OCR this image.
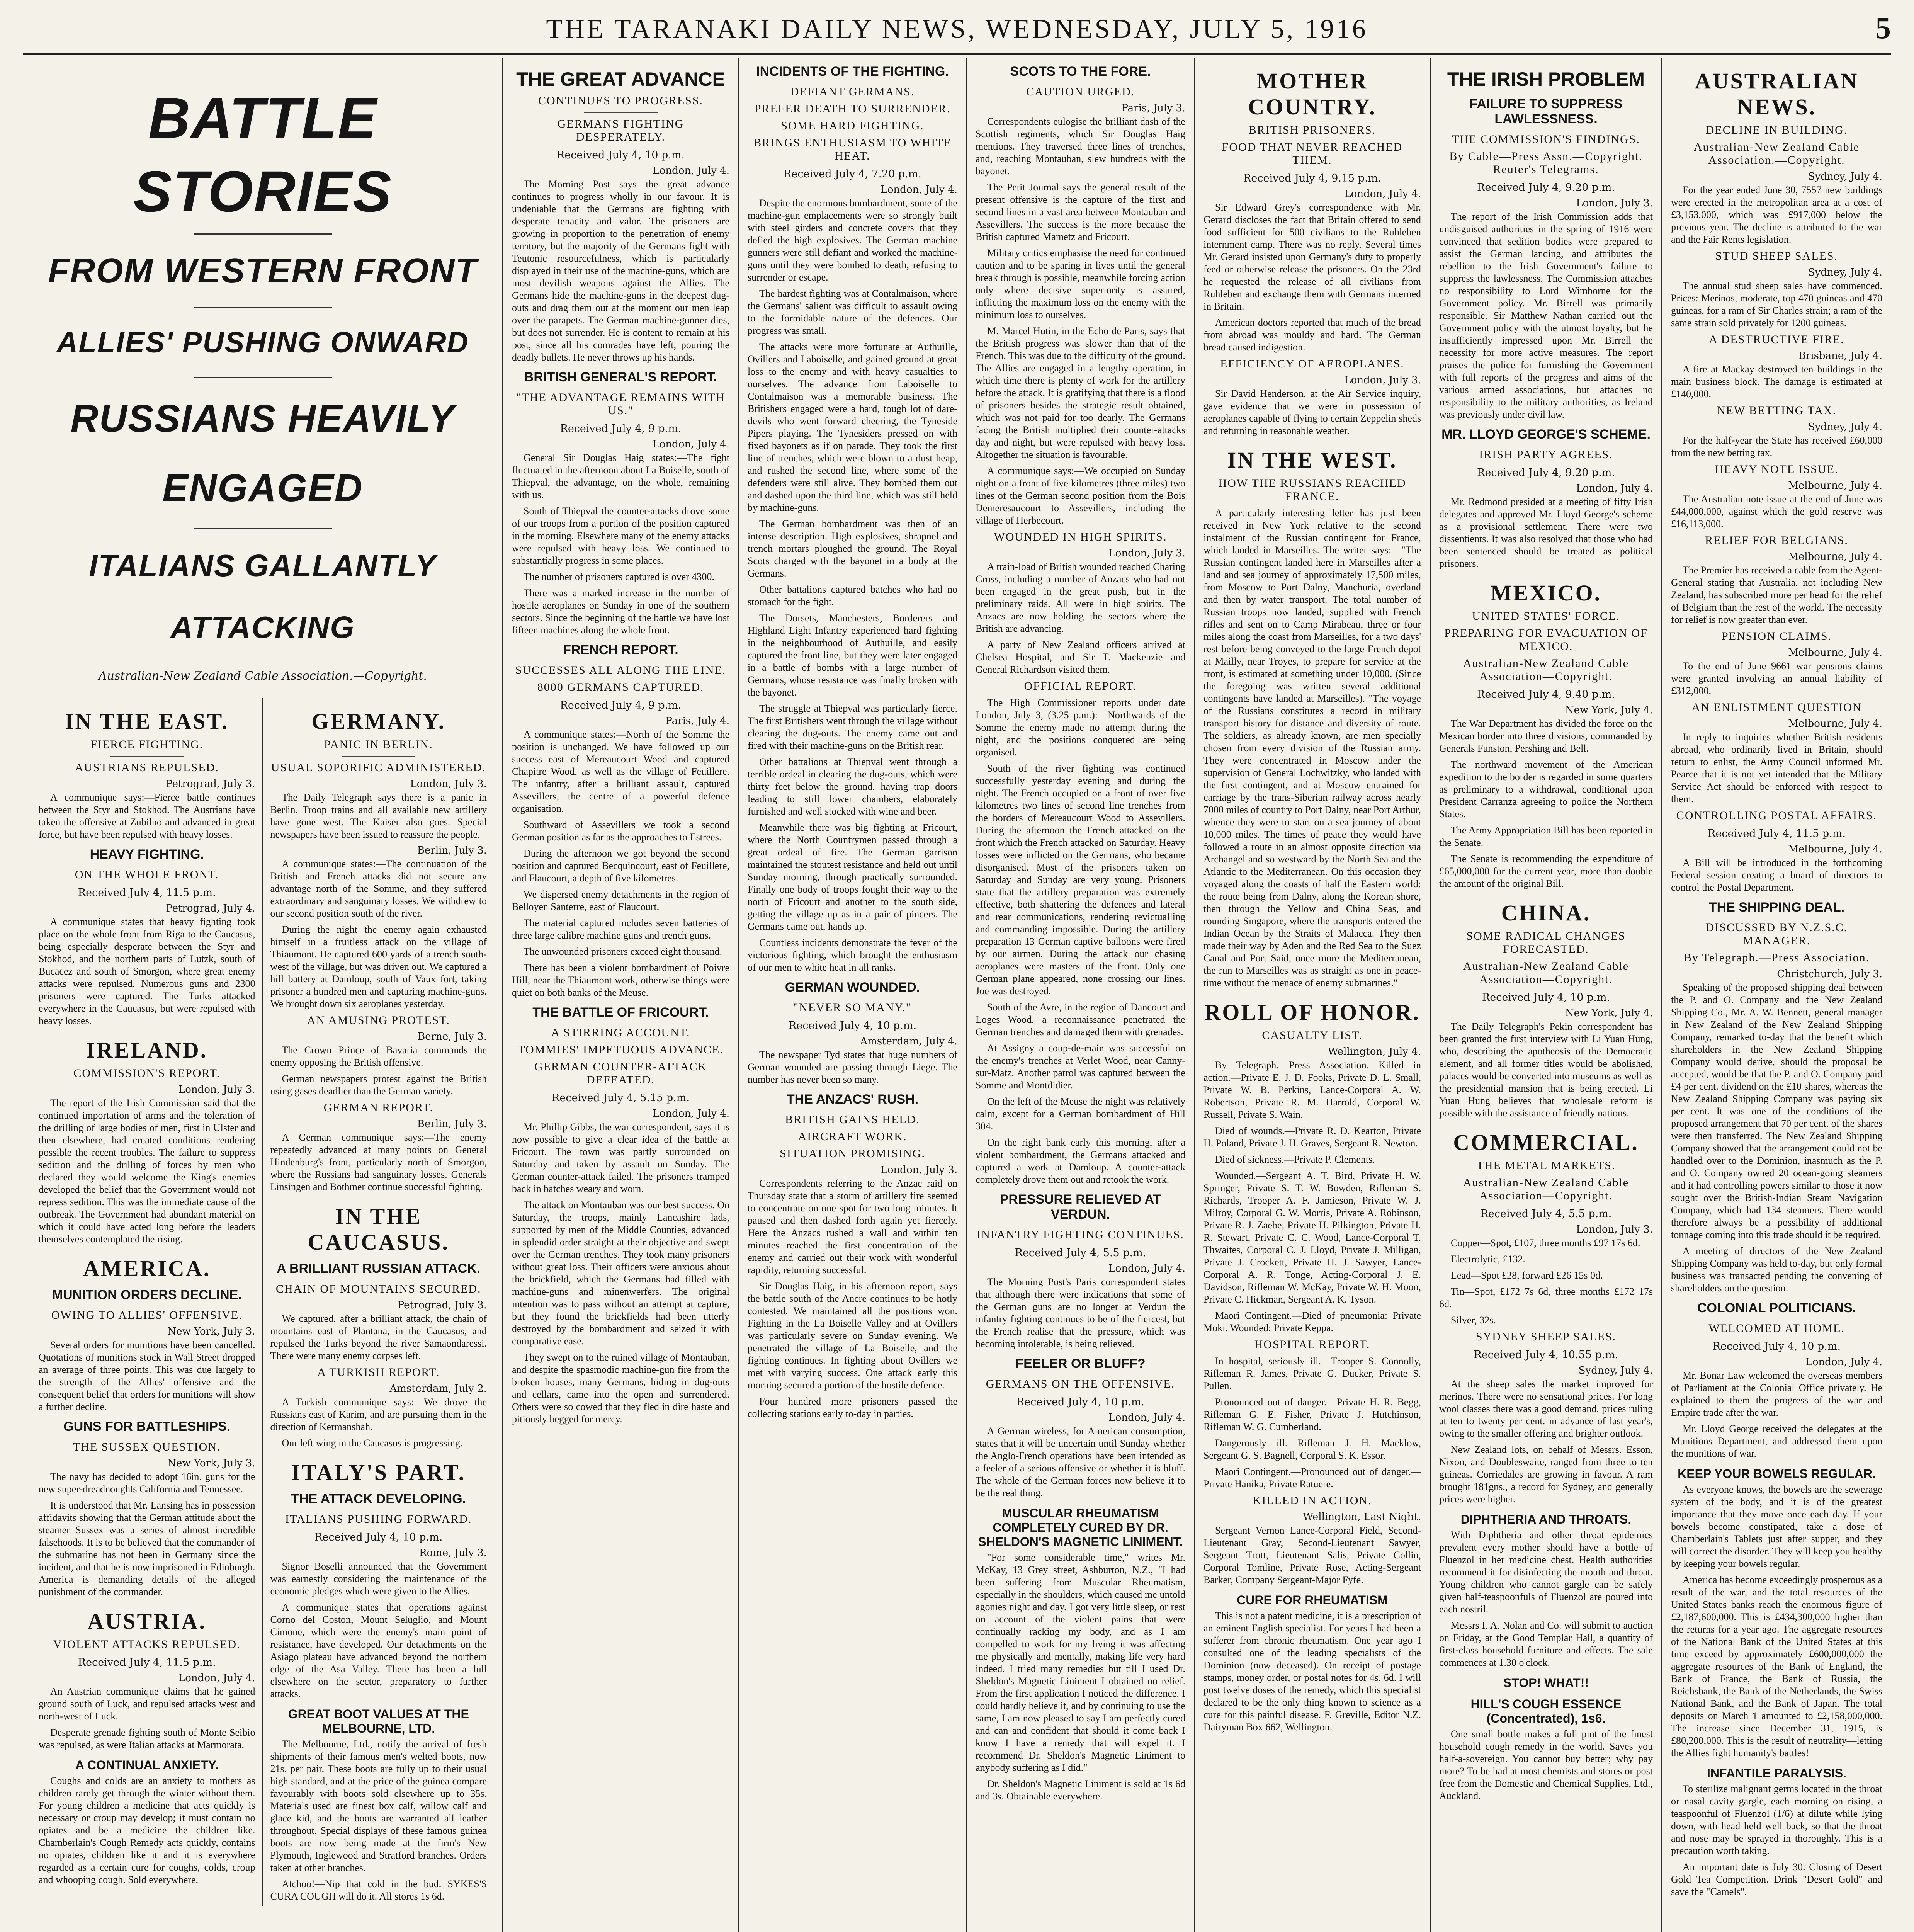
THE TARANAKI DAILY NEWS, WEDNESDAY, JULY 5, 1916	5

BATTLE STORIES

FROM WESTERN FRONT

ALLIES' PUSHING ONWARD

RUSSIANS HEAVILY ENGAGED

ITALIANS GALLANTLY ATTACKING

Australian-New Zealand Cable Association.—Copyright.

IN THE EAST.
FIERCE FIGHTING.
AUSTRIANS REPULSED.
Petrograd, July 3.

A communique says:—Fierce battle continues between the Styr and Stokhod. The Austrians have taken the offensive at Zubilno and advanced in great force, but have been repulsed with heavy losses.

HEAVY FIGHTING.
ON THE WHOLE FRONT.
Received July 4, 11.5 p.m.
Petrograd, July 4.

A communique states that heavy fighting took place on the whole front from Riga to the Caucasus, being especially desperate between the Styr and Stokhod, and the northern parts of Lutzk, south of Bucacez and south of Smorgon, where great enemy attacks were repulsed. Numerous guns and 2300 prisoners were captured. The Turks attacked everywhere in the Caucasus, but were repulsed with heavy losses.

IRELAND.
COMMISSION'S REPORT.
London, July 3.

The report of the Irish Commission said that the continued importation of arms and the toleration of the drilling of large bodies of men, first in Ulster and then elsewhere, had created conditions rendering possible the recent troubles. The failure to suppress sedition and the drilling of forces by men who declared they would welcome the King's enemies developed the belief that the Government would not repress sedition. This was the immediate cause of the outbreak. The Government had abundant material on which it could have acted long before the leaders themselves contemplated the rising.

AMERICA.
MUNITION ORDERS DECLINE.
OWING TO ALLIES' OFFENSIVE.
New York, July 3.

Several orders for munitions have been cancelled. Quotations of munitions stock in Wall Street dropped an average of three points. This was due largely to the strength of the Allies' offensive and the consequent belief that orders for munitions will show a further decline.

GUNS FOR BATTLESHIPS.
THE SUSSEX QUESTION.
New York, July 3.

The navy has decided to adopt 16in. guns for the new super-dreadnoughts California and Tennessee.

It is understood that Mr. Lansing has in possession affidavits showing that the German attitude about the steamer Sussex was a series of almost incredible falsehoods. It is to be believed that the commander of the submarine has not been in Germany since the incident, and that he is now imprisoned in Edinburgh. America is demanding details of the alleged punishment of the commander.

AUSTRIA.
VIOLENT ATTACKS REPULSED.
Received July 4, 11.5 p.m.
London, July 4.

An Austrian communique claims that he gained ground south of Luck, and repulsed attacks west and north-west of Luck.

Desperate grenade fighting south of Monte Seibio was repulsed, as were Italian attacks at Marmorata.

A CONTINUAL ANXIETY.

Coughs and colds are an anxiety to mothers as children rarely get through the winter without them. For young children a medicine that acts quickly is necessary or croup may develop; it must contain no opiates and be a medicine the children like. Chamberlain's Cough Remedy acts quickly, contains no opiates, children like it and it is everywhere regarded as a certain cure for coughs, colds, croup and whooping cough. Sold everywhere.

GERMANY.
PANIC IN BERLIN.
USUAL SOPORIFIC ADMINISTERED.
London, July 3.

The Daily Telegraph says there is a panic in Berlin. Troop trains and all available new artillery have gone west. The Kaiser also goes. Special newspapers have been issued to reassure the people.

Berlin, July 3.

A communique states:—The continuation of the British and French attacks did not secure any advantage north of the Somme, and they suffered extraordinary and sanguinary losses. We withdrew to our second position south of the river.

During the night the enemy again exhausted himself in a fruitless attack on the village of Thiaumont. He captured 600 yards of a trench south-west of the village, but was driven out. We captured a hill battery at Damloup, south of Vaux fort, taking prisoner a hundred men and capturing machine-guns. We brought down six aeroplanes yesterday.

AN AMUSING PROTEST.
Berne, July 3.

The Crown Prince of Bavaria commands the enemy opposing the British offensive.

German newspapers protest against the British using gases deadlier than the German variety.

GERMAN REPORT.
Berlin, July 3.

A German communique says:—The enemy repeatedly advanced at many points on General Hindenburg's front, particularly north of Smorgon, where the Russians had sanguinary losses. Generals Linsingen and Bothmer continue successful fighting.

IN THE CAUCASUS.
A BRILLIANT RUSSIAN ATTACK.
CHAIN OF MOUNTAINS SECURED.
Petrograd, July 3.

We captured, after a brilliant attack, the chain of mountains east of Plantana, in the Caucasus, and repulsed the Turks beyond the river Samaondaressi. There were many enemy corpses left.

A TURKISH REPORT.
Amsterdam, July 2.

A Turkish communique says:—We drove the Russians east of Karim, and are pursuing them in the direction of Kermanshah.

Our left wing in the Caucasus is progressing.

ITALY'S PART.
THE ATTACK DEVELOPING.
ITALIANS PUSHING FORWARD.
Received July 4, 10 p.m.
Rome, July 3.

Signor Boselli announced that the Government was earnestly considering the maintenance of the economic pledges which were given to the Allies.

A communique states that operations against Corno del Coston, Mount Seluglio, and Mount Cimone, which were the enemy's main point of resistance, have developed. Our detachments on the Asiago plateau have advanced beyond the northern edge of the Asa Valley. There has been a lull elsewhere on the sector, preparatory to further attacks.

GREAT BOOT VALUES AT THE MELBOURNE, LTD.

The Melbourne, Ltd., notify the arrival of fresh shipments of their famous men's welted boots, now 21s. per pair. These boots are fully up to their usual high standard, and at the price of the guinea compare favourably with boots sold elsewhere up to 35s. Materials used are finest box calf, willow calf and glace kid, and the boots are warranted all leather throughout. Special displays of these famous guinea boots are now being made at the firm's New Plymouth, Inglewood and Stratford branches. Orders taken at other branches.

Atchoo!—Nip that cold in the bud. SYKES'S CURA COUGH will do it. All stores 1s 6d.

THE GREAT ADVANCE
CONTINUES TO PROGRESS.
GERMANS FIGHTING DESPERATELY.
Received July 4, 10 p.m.
London, July 4.

The Morning Post says the great advance continues to progress wholly in our favour. It is undeniable that the Germans are fighting with desperate tenacity and valor. The prisoners are growing in proportion to the penetration of enemy territory, but the majority of the Germans fight with Teutonic resourcefulness, which is particularly displayed in their use of the machine-guns, which are most devilish weapons against the Allies. The Germans hide the machine-guns in the deepest dug-outs and drag them out at the moment our men leap over the parapets. The German machine-gunner dies, but does not surrender. He is content to remain at his post, since all his comrades have left, pouring the deadly bullets. He never throws up his hands.

BRITISH GENERAL'S REPORT.
"THE ADVANTAGE REMAINS WITH US."
Received July 4, 9 p.m.
London, July 4.

General Sir Douglas Haig states:—The fight fluctuated in the afternoon about La Boiselle, south of Thiepval, the advantage, on the whole, remaining with us.

South of Thiepval the counter-attacks drove some of our troops from a portion of the position captured in the morning. Elsewhere many of the enemy attacks were repulsed with heavy loss. We continued to substantially progress in some places.

The number of prisoners captured is over 4300.

There was a marked increase in the number of hostile aeroplanes on Sunday in one of the southern sectors. Since the beginning of the battle we have lost fifteen machines along the whole front.

FRENCH REPORT.
SUCCESSES ALL ALONG THE LINE.
8000 GERMANS CAPTURED.
Received July 4, 9 p.m.
Paris, July 4.

A communique states:—North of the Somme the position is unchanged. We have followed up our success east of Mereaucourt Wood and captured Chapitre Wood, as well as the village of Feuillere. The infantry, after a brilliant assault, captured Assevillers, the centre of a powerful defence organisation.

Southward of Assevillers we took a second German position as far as the approaches to Estrees.

During the afternoon we got beyond the second position and captured Becquincourt, east of Feuillere, and Flaucourt, a depth of five kilometres.

We dispersed enemy detachments in the region of Belloyen Santerre, east of Flaucourt.

The material captured includes seven batteries of three large calibre machine guns and trench guns.

The unwounded prisoners exceed eight thousand.

There has been a violent bombardment of Poivre Hill, near the Thiaumont work, otherwise things were quiet on both banks of the Meuse.

THE BATTLE OF FRICOURT.
A STIRRING ACCOUNT.
TOMMIES' IMPETUOUS ADVANCE.
GERMAN COUNTER-ATTACK DEFEATED.
Received July 4, 5.15 p.m.
London, July 4.

Mr. Phillip Gibbs, the war correspondent, says it is now possible to give a clear idea of the battle at Fricourt. The town was partly surrounded on Saturday and taken by assault on Sunday. The German counter-attack failed. The prisoners tramped back in batches weary and worn.

The attack on Montauban was our best success. On Saturday, the troops, mainly Lancashire lads, supported by men of the Middle Counties, advanced in splendid order straight at their objective and swept over the German trenches. They took many prisoners without great loss. Their officers were anxious about the brickfield, which the Germans had filled with machine-guns and minenwerfers. The original intention was to pass without an attempt at capture, but they found the brickfields had been utterly destroyed by the bombardment and seized it with comparative ease.

They swept on to the ruined village of Montauban, and despite the spasmodic machine-gun fire from the broken houses, many Germans, hiding in dug-outs and cellars, came into the open and surrendered. Others were so cowed that they fled in dire haste and pitiously begged for mercy.

INCIDENTS OF THE FIGHTING.
DEFIANT GERMANS.
PREFER DEATH TO SURRENDER.
SOME HARD FIGHTING.
BRINGS ENTHUSIASM TO WHITE HEAT.
Received July 4, 7.20 p.m.
London, July 4.

Despite the enormous bombardment, some of the machine-gun emplacements were so strongly built with steel girders and concrete covers that they defied the high explosives. The German machine gunners were still defiant and worked the machine-guns until they were bombed to death, refusing to surrender or escape.

The hardest fighting was at Contalmaison, where the Germans' salient was difficult to assault owing to the formidable nature of the defences. Our progress was small.

The attacks were more fortunate at Authuille, Ovillers and Laboiselle, and gained ground at great loss to the enemy and with heavy casualties to ourselves. The advance from Laboiselle to Contalmaison was a memorable business. The Britishers engaged were a hard, tough lot of dare-devils who went forward cheering, the Tyneside Pipers playing. The Tynesiders pressed on with fixed bayonets as if on parade. They took the first line of trenches, which were blown to a dust heap, and rushed the second line, where some of the defenders were still alive. They bombed them out and dashed upon the third line, which was still held by machine-guns.

The German bombardment was then of an intense description. High explosives, shrapnel and trench mortars ploughed the ground. The Royal Scots charged with the bayonet in a body at the Germans.

Other battalions captured batches who had no stomach for the fight.

The Dorsets, Manchesters, Borderers and Highland Light Infantry experienced hard fighting in the neighbourhood of Authuille, and easily captured the front line, but they were later engaged in a battle of bombs with a large number of Germans, whose resistance was finally broken with the bayonet.

The struggle at Thiepval was particularly fierce. The first Britishers went through the village without clearing the dug-outs. The enemy came out and fired with their machine-guns on the British rear.

Other battalions at Thiepval went through a terrible ordeal in clearing the dug-outs, which were thirty feet below the ground, having trap doors leading to still lower chambers, elaborately furnished and well stocked with wine and beer.

Meanwhile there was big fighting at Fricourt, where the North Countrymen passed through a great ordeal of fire. The German garrison maintained the stoutest resistance and held out until Sunday morning, through practically surrounded. Finally one body of troops fought their way to the north of Fricourt and another to the south side, getting the village up as in a pair of pincers. The Germans came out, hands up.

Countless incidents demonstrate the fever of the victorious fighting, which brought the enthusiasm of our men to white heat in all ranks.

GERMAN WOUNDED.
"NEVER SO MANY."
Received July 4, 10 p.m.
Amsterdam, July 4.

The newspaper Tyd states that huge numbers of German wounded are passing through Liege. The number has never been so many.

THE ANZACS' RUSH.
BRITISH GAINS HELD.
AIRCRAFT WORK.
SITUATION PROMISING.
London, July 3.

Correspondents referring to the Anzac raid on Thursday state that a storm of artillery fire seemed to concentrate on one spot for two long minutes. It paused and then dashed forth again yet fiercely. Here the Anzacs rushed a wall and within ten minutes reached the first concentration of the enemy and carried out their work with wonderful rapidity, returning successful.

Sir Douglas Haig, in his afternoon report, says the battle south of the Ancre continues to be hotly contested. We maintained all the positions won. Fighting in the La Boiselle Valley and at Ovillers was particularly severe on Sunday evening. We penetrated the village of La Boiselle, and the fighting continues. In fighting about Ovillers we met with varying success. One attack early this morning secured a portion of the hostile defence.

Four hundred more prisoners passed the collecting stations early to-day in parties.

SCOTS TO THE FORE.
CAUTION URGED.
Paris, July 3.

Correspondents eulogise the brilliant dash of the Scottish regiments, which Sir Douglas Haig mentions. They traversed three lines of trenches, and, reaching Montauban, slew hundreds with the bayonet.

The Petit Journal says the general result of the present offensive is the capture of the first and second lines in a vast area between Montauban and Assevillers. The success is the more because the British captured Mametz and Fricourt.

Military critics emphasise the need for continued caution and to be sparing in lives until the general break through is possible, meanwhile forcing action only where decisive superiority is assured, inflicting the maximum loss on the enemy with the minimum loss to ourselves.

M. Marcel Hutin, in the Echo de Paris, says that the British progress was slower than that of the French. This was due to the difficulty of the ground. The Allies are engaged in a lengthy operation, in which time there is plenty of work for the artillery before the attack. It is gratifying that there is a flood of prisoners besides the strategic result obtained, which was not paid for too dearly. The Germans facing the British multiplied their counter-attacks day and night, but were repulsed with heavy loss. Altogether the situation is favourable.

A communique says:—We occupied on Sunday night on a front of five kilometres (three miles) two lines of the German second position from the Bois Demeresaucourt to Assevillers, including the village of Herbecourt.

WOUNDED IN HIGH SPIRITS.
London, July 3.

A train-load of British wounded reached Charing Cross, including a number of Anzacs who had not been engaged in the great push, but in the preliminary raids. All were in high spirits. The Anzacs are now holding the sectors where the British are advancing.

A party of New Zealand officers arrived at Chelsea Hospital, and Sir T. Mackenzie and General Richardson visited them.

OFFICIAL REPORT.

The High Commissioner reports under date London, July 3, (3.25 p.m.):—Northwards of the Somme the enemy made no attempt during the night, and the positions conquered are being organised.

South of the river fighting was continued successfully yesterday evening and during the night. The French occupied on a front of over five kilometres two lines of second line trenches from the borders of Mereaucourt Wood to Assevillers. During the afternoon the French attacked on the front which the French attacked on Saturday. Heavy losses were inflicted on the Germans, who became disorganised. Most of the prisoners taken on Saturday and Sunday are very young. Prisoners state that the artillery preparation was extremely effective, both shattering the defences and lateral and rear communications, rendering revictualling and commanding impossible. During the artillery preparation 13 German captive balloons were fired by our airmen. During the attack our chasing aeroplanes were masters of the front. Only one German plane appeared, none crossing our lines. Joe was destroyed.

South of the Avre, in the region of Dancourt and Loges Wood, a reconnaissance penetrated the German trenches and damaged them with grenades.

At Assigny a coup-de-main was successful on the enemy's trenches at Verlet Wood, near Canny-sur-Matz. Another patrol was captured between the Somme and Montdidier.

On the left of the Meuse the night was relatively calm, except for a German bombardment of Hill 304.

On the right bank early this morning, after a violent bombardment, the Germans attacked and captured a work at Damloup. A counter-attack completely drove them out and retook the work.

PRESSURE RELIEVED AT VERDUN.
INFANTRY FIGHTING CONTINUES.
Received July 4, 5.5 p.m.
London, July 4.

The Morning Post's Paris correspondent states that although there were indications that some of the German guns are no longer at Verdun the infantry fighting continues to be of the fiercest, but the French realise that the pressure, which was becoming intolerable, is being relieved.

FEELER OR BLUFF?
GERMANS ON THE OFFENSIVE.
Received July 4, 10 p.m.
London, July 4.

A German wireless, for American consumption, states that it will be uncertain until Sunday whether the Anglo-French operations have been intended as a feeler of a serious offensive or whether it is bluff. The whole of the German forces now believe it to be the real thing.

MUSCULAR RHEUMATISM COMPLETELY CURED BY DR. SHELDON'S MAGNETIC LINIMENT.

"For some considerable time," writes Mr. McKay, 13 Grey street, Ashburton, N.Z., "I had been suffering from Muscular Rheumatism, especially in the shoulders, which caused me untold agonies night and day. I got very little sleep, or rest on account of the violent pains that were continually racking my body, and as I am compelled to work for my living it was affecting me physically and mentally, making life very hard indeed. I tried many remedies but till I used Dr. Sheldon's Magnetic Liniment I obtained no relief. From the first application I noticed the difference. I could hardly believe it, and by continuing to use the same, I am now pleased to say I am perfectly cured and can and confident that should it come back I know I have a remedy that will expel it. I recommend Dr. Sheldon's Magnetic Liniment to anybody suffering as I did."

Dr. Sheldon's Magnetic Liniment is sold at 1s 6d and 3s. Obtainable everywhere.

MOTHER COUNTRY.
BRITISH PRISONERS.
FOOD THAT NEVER REACHED THEM.
Received July 4, 9.15 p.m.
London, July 4.

Sir Edward Grey's correspondence with Mr. Gerard discloses the fact that Britain offered to send food sufficient for 500 civilians to the Ruhleben internment camp. There was no reply. Several times Mr. Gerard insisted upon Germany's duty to properly feed or otherwise release the prisoners. On the 23rd he requested the release of all civilians from Ruhleben and exchange them with Germans interned in Britain.

American doctors reported that much of the bread from abroad was mouldy and hard. The German bread caused indigestion.

EFFICIENCY OF AEROPLANES.
London, July 3.

Sir David Henderson, at the Air Service inquiry, gave evidence that we were in possession of aeroplanes capable of flying to certain Zeppelin sheds and returning in reasonable weather.

IN THE WEST.
HOW THE RUSSIANS REACHED FRANCE.

A particularly interesting letter has just been received in New York relative to the second instalment of the Russian contingent for France, which landed in Marseilles. The writer says:—"The Russian contingent landed here in Marseilles after a land and sea journey of approximately 17,500 miles, from Moscow to Port Dalny, Manchuria, overland and then by water transport. The total number of Russian troops now landed, supplied with French rifles and sent on to Camp Mirabeau, three or four miles along the coast from Marseilles, for a two days' rest before being conveyed to the large French depot at Mailly, near Troyes, to prepare for service at the front, is estimated at something under 10,000. (Since the foregoing was written several additional contingents have landed at Marseilles). "The voyage of the Russians constitutes a record in military transport history for distance and diversity of route. The soldiers, as already known, are men specially chosen from every division of the Russian army. They were concentrated in Moscow under the supervision of General Lochwitzky, who landed with the first contingent, and at Moscow entrained for carriage by the trans-Siberian railway across nearly 7000 miles of country to Port Dalny, near Port Arthur, whence they were to start on a sea journey of about 10,000 miles. The times of peace they would have followed a route in an almost opposite direction via Archangel and so westward by the North Sea and the Atlantic to the Mediterranean. On this occasion they voyaged along the coasts of half the Eastern world: the route being from Dalny, along the Korean shore, then through the Yellow and China Seas, and rounding Singapore, where the transports entered the Indian Ocean by the Straits of Malacca. They then made their way by Aden and the Red Sea to the Suez Canal and Port Said, once more the Mediterranean, the run to Marseilles was as straight as one in peace-time without the menace of enemy submarines."

ROLL OF HONOR.
CASUALTY LIST.
Wellington, July 4.

By Telegraph.—Press Association. Killed in action.—Private E. J. D. Fooks, Private D. L. Small, Private W. B. Perkins, Lance-Corporal A. W. Robertson, Private R. M. Harrold, Corporal W. Russell, Private S. Wain.

Died of wounds.—Private R. D. Kearton, Private H. Poland, Private J. H. Graves, Sergeant R. Newton.

Died of sickness.—Private P. Clements.

Wounded.—Sergeant A. T. Bird, Private H. W. Springer, Private S. T. W. Bowden, Rifleman S. Richards, Trooper A. F. Jamieson, Private W. J. Milroy, Corporal G. W. Morris, Private A. Robinson, Private R. J. Zaebe, Private H. Pilkington, Private H. R. Stewart, Private C. C. Wood, Lance-Corporal T. Thwaites, Corporal C. J. Lloyd, Private J. Milligan, Private J. Crockett, Private H. J. Sawyer, Lance-Corporal A. R. Tonge, Acting-Corporal J. E. Davidson, Rifleman W. McKay, Private W. H. Moon, Private C. Hickman, Sergeant A. K. Tyson.

Maori Contingent.—Died of pneumonia: Private Moki. Wounded: Private Keppa.

HOSPITAL REPORT.

In hospital, seriously ill.—Trooper S. Connolly, Rifleman R. James, Private G. Ducker, Private S. Pullen.

Pronounced out of danger.—Private H. R. Begg, Rifleman G. E. Fisher, Private J. Hutchinson, Rifleman W. G. Cumberland.

Dangerously ill.—Rifleman J. H. Macklow, Sergeant G. S. Bagnell, Corporal S. K. Essor.

Maori Contingent.—Pronounced out of danger.—Private Hanika, Private Ratuere.

KILLED IN ACTION.
Wellington, Last Night.

Sergeant Vernon Lance-Corporal Field, Second-Lieutenant Gray, Second-Lieutenant Sawyer, Sergeant Trott, Lieutenant Salis, Private Collin, Corporal Tomline, Private Rose, Acting-Sergeant Barker, Company Sergeant-Major Fyfe.

CURE FOR RHEUMATISM

This is not a patent medicine, it is a prescription of an eminent English specialist. For years I had been a sufferer from chronic rheumatism. One year ago I consulted one of the leading specialists of the Dominion (now deceased). On receipt of postage stamps, money order, or postal notes for 4s. 6d. I will post twelve doses of the remedy, which this specialist declared to be the only thing known to science as a cure for this painful disease. F. Greville, Editor N.Z. Dairyman Box 662, Wellington.

THE IRISH PROBLEM
FAILURE TO SUPPRESS LAWLESSNESS.
THE COMMISSION'S FINDINGS.
By Cable—Press Assn.—Copyright. Reuter's Telegrams.
Received July 4, 9.20 p.m.
London, July 3.

The report of the Irish Commission adds that undisguised authorities in the spring of 1916 were convinced that sedition bodies were prepared to assist the German landing, and attributes the rebellion to the Irish Government's failure to suppress the lawlessness. The Commission attaches no responsibility to Lord Wimborne for the Government policy. Mr. Birrell was primarily responsible. Sir Matthew Nathan carried out the Government policy with the utmost loyalty, but he insufficiently impressed upon Mr. Birrell the necessity for more active measures. The report praises the police for furnishing the Government with full reports of the progress and aims of the various armed associations, but attaches no responsibility to the military authorities, as Ireland was previously under civil law.

MR. LLOYD GEORGE'S SCHEME.
IRISH PARTY AGREES.
Received July 4, 9.20 p.m.
London, July 4.

Mr. Redmond presided at a meeting of fifty Irish delegates and approved Mr. Lloyd George's scheme as a provisional settlement. There were two dissentients. It was also resolved that those who had been sentenced should be treated as political prisoners.

MEXICO.
UNITED STATES' FORCE.
PREPARING FOR EVACUATION OF MEXICO.
Australian-New Zealand Cable Association—Copyright.
Received July 4, 9.40 p.m.
New York, July 4.

The War Department has divided the force on the Mexican border into three divisions, commanded by Generals Funston, Pershing and Bell.

The northward movement of the American expedition to the border is regarded in some quarters as preliminary to a withdrawal, conditional upon President Carranza agreeing to police the Northern States.

The Army Appropriation Bill has been reported in the Senate.

The Senate is recommending the expenditure of £65,000,000 for the current year, more than double the amount of the original Bill.

CHINA.
SOME RADICAL CHANGES FORECASTED.
Australian-New Zealand Cable Association—Copyright.
Received July 4, 10 p.m.
New York, July 4.

The Daily Telegraph's Pekin correspondent has been granted the first interview with Li Yuan Hung, who, describing the apotheosis of the Democratic element, and all former titles would be abolished, palaces would be converted into museums as well as the presidential mansion that is being erected. Li Yuan Hung believes that wholesale reform is possible with the assistance of friendly nations.

COMMERCIAL.
THE METAL MARKETS.
Australian-New Zealand Cable Association—Copyright.
Received July 4, 5.5 p.m.
London, July 3.

Copper—Spot, £107, three months £97 17s 6d.

Electrolytic, £132.

Lead—Spot £28, forward £26 15s 0d.

Tin—Spot, £172 7s 6d, three months £172 17s 6d.

Silver, 32s.

SYDNEY SHEEP SALES.
Received July 4, 10.55 p.m.
Sydney, July 4.

At the sheep sales the market improved for merinos. There were no sensational prices. For long wool classes there was a good demand, prices ruling at ten to twenty per cent. in advance of last year's, owing to the smaller offering and brighter outlook.

New Zealand lots, on behalf of Messrs. Esson, Nixon, and Doubleswaite, ranged from three to ten guineas. Corriedales are growing in favour. A ram brought 181gns., a record for Sydney, and generally prices were higher.

DIPHTHERIA AND THROATS.

With Diphtheria and other throat epidemics prevalent every mother should have a bottle of Fluenzol in her medicine chest. Health authorities recommend it for disinfecting the mouth and throat. Young children who cannot gargle can be safely given half-teaspoonfuls of Fluenzol are poured into each nostril.

Messrs I. A. Nolan and Co. will submit to auction on Friday, at the Good Templar Hall, a quantity of first-class household furniture and effects. The sale commences at 1.30 o'clock.

STOP! WHAT!!
HILL'S COUGH ESSENCE (Concentrated), 1s6.

One small bottle makes a full pint of the finest household cough remedy in the world. Saves you half-a-sovereign. You cannot buy better; why pay more? To be had at most chemists and stores or post free from the Domestic and Chemical Supplies, Ltd., Auckland.

AUSTRALIAN NEWS.
DECLINE IN BUILDING.
Australian-New Zealand Cable Association.—Copyright.
Sydney, July 4.

For the year ended June 30, 7557 new buildings were erected in the metropolitan area at a cost of £3,153,000, which was £917,000 below the previous year. The decline is attributed to the war and the Fair Rents legislation.

STUD SHEEP SALES.
Sydney, July 4.

The annual stud sheep sales have commenced. Prices: Merinos, moderate, top 470 guineas and 470 guineas, for a ram of Sir Charles strain; a ram of the same strain sold privately for 1200 guineas.

A DESTRUCTIVE FIRE.
Brisbane, July 4.

A fire at Mackay destroyed ten buildings in the main business block. The damage is estimated at £140,000.

NEW BETTING TAX.
Sydney, July 4.

For the half-year the State has received £60,000 from the new betting tax.

HEAVY NOTE ISSUE.
Melbourne, July 4.

The Australian note issue at the end of June was £44,000,000, against which the gold reserve was £16,113,000.

RELIEF FOR BELGIANS.
Melbourne, July 4.

The Premier has received a cable from the Agent-General stating that Australia, not including New Zealand, has subscribed more per head for the relief of Belgium than the rest of the world. The necessity for relief is now greater than ever.

PENSION CLAIMS.
Melbourne, July 4.

To the end of June 9661 war pensions claims were granted involving an annual liability of £312,000.

AN ENLISTMENT QUESTION
Melbourne, July 4.

In reply to inquiries whether British residents abroad, who ordinarily lived in Britain, should return to enlist, the Army Council informed Mr. Pearce that it is not yet intended that the Military Service Act should be enforced with respect to them.

CONTROLLING POSTAL AFFAIRS.
Received July 4, 11.5 p.m.
Melbourne, July 4.

A Bill will be introduced in the forthcoming Federal session creating a board of directors to control the Postal Department.

THE SHIPPING DEAL.
DISCUSSED BY N.Z.S.C. MANAGER.
By Telegraph.—Press Association.
Christchurch, July 3.

Speaking of the proposed shipping deal between the P. and O. Company and the New Zealand Shipping Co., Mr. A. W. Bennett, general manager in New Zealand of the New Zealand Shipping Company, remarked to-day that the benefit which shareholders in the New Zealand Shipping Company would derive, should the proposal be accepted, would be that the P. and O. Company paid £4 per cent. dividend on the £10 shares, whereas the New Zealand Shipping Company was paying six per cent. It was one of the conditions of the proposed arrangement that 70 per cent. of the shares were then transferred. The New Zealand Shipping Company showed that the arrangement could not be handled over to the Dominion, inasmuch as the P. and O. Company owned 20 ocean-going steamers and it had controlling powers similar to those it now sought over the British-Indian Steam Navigation Company, which had 134 steamers. There would therefore always be a possibility of additional tonnage coming into this trade should it be required.

A meeting of directors of the New Zealand Shipping Company was held to-day, but only formal business was transacted pending the convening of shareholders on the question.

COLONIAL POLITICIANS.
WELCOMED AT HOME.
Received July 4, 10 p.m.
London, July 4.

Mr. Bonar Law welcomed the overseas members of Parliament at the Colonial Office privately. He explained to them the progress of the war and Empire trade after the war.

Mr. Lloyd George received the delegates at the Munitions Department, and addressed them upon the munitions of war.

KEEP YOUR BOWELS REGULAR.

As everyone knows, the bowels are the sewerage system of the body, and it is of the greatest importance that they move once each day. If your bowels become constipated, take a dose of Chamberlain's Tablets just after supper, and they will correct the disorder. They will keep you healthy by keeping your bowels regular.

America has become exceedingly prosperous as a result of the war, and the total resources of the United States banks reach the enormous figure of £2,187,600,000. This is £434,300,000 higher than the returns for a year ago. The aggregate resources of the National Bank of the United States at this time exceed by approximately £600,000,000 the aggregate resources of the Bank of England, the Bank of France, the Bank of Russia, the Reichsbank, the Bank of the Netherlands, the Swiss National Bank, and the Bank of Japan. The total deposits on March 1 amounted to £2,158,000,000. The increase since December 31, 1915, is £80,200,000. This is the result of neutrality—letting the Allies fight humanity's battles!

INFANTILE PARALYSIS.

To sterilize malignant germs located in the throat or nasal cavity gargle, each morning on rising, a teaspoonful of Fluenzol (1/6) at dilute while lying down, with head held well back, so that the throat and nose may be sprayed in thoroughly. This is a precaution worth taking.

An important date is July 30. Closing of Desert Gold Tea Competition. Drink "Desert Gold" and save the "Camels".
